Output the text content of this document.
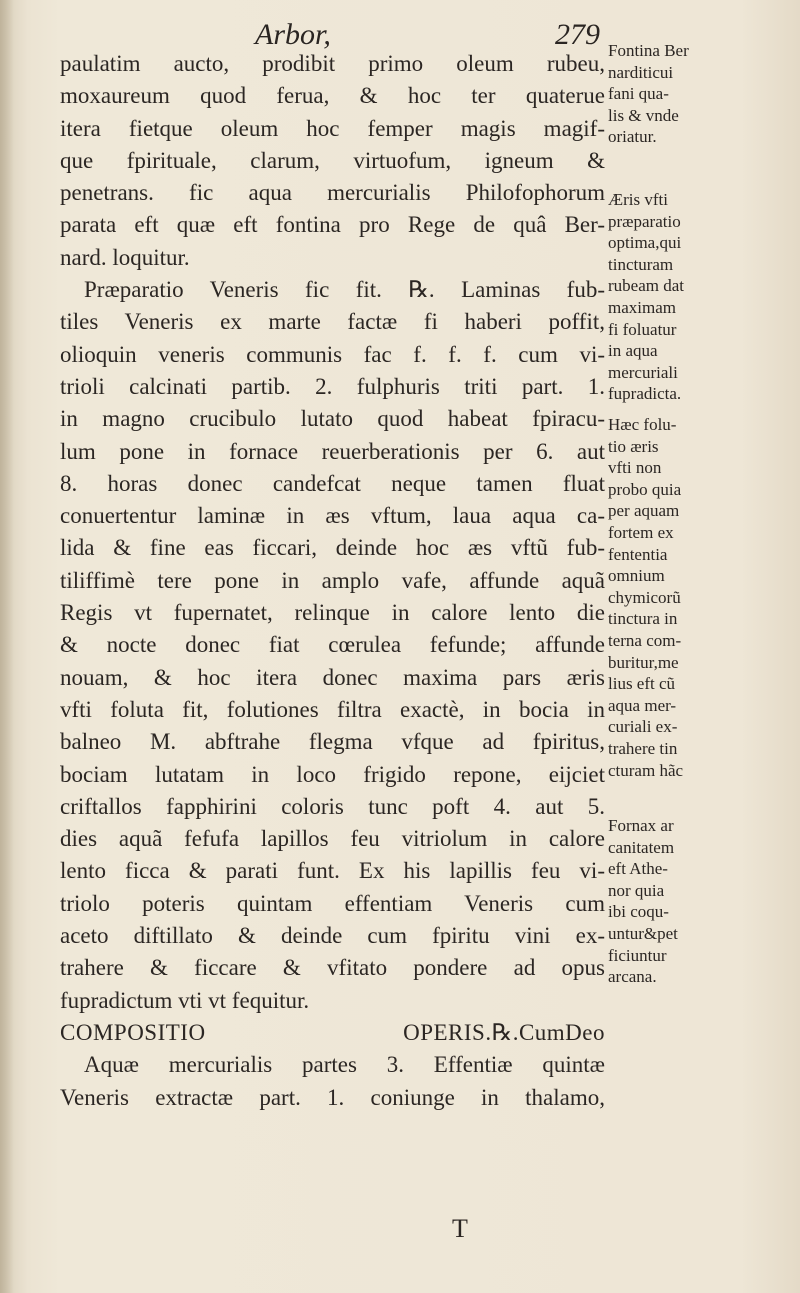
Arbor,	279
paulatim aucto, prodibit primo oleum rubeu,
moxaureum quod ferua, & hoc ter quaterue
itera fietque oleum hoc femper magis magif-
que fpirituale, clarum, virtuofum, igneum &
penetrans. fic aqua mercurialis Philofophorum
parata eft quæ eft fontina pro Rege de quâ Ber-
nard. loquitur.
Præparatio Veneris fic fit. ℞. Laminas fub-
tiles Veneris ex marte factæ fi haberi poffit,
olioquin veneris communis fac f. f. f. cum vi-
trioli calcinati partib. 2. fulphuris triti part. 1.
in magno crucibulo lutato quod habeat fpiracu-
lum pone in fornace reuerberationis per 6. aut
8. horas donec candefcat neque tamen fluat
conuertentur laminæ in æs vftum, laua aqua ca-
lida & fine eas ficcari, deinde hoc æs vftũ fub-
tiliffimè tere pone in amplo vafe, affunde aquã
Regis vt fupernatet, relinque in calore lento die
& nocte donec fiat cœrulea fefunde; affunde
nouam, & hoc itera donec maxima pars æris
vfti foluta fit, folutiones filtra exactè, in bocia in
balneo M. abftrahe flegma vfque ad fpiritus,
bociam lutatam in loco frigido repone, eijciet
criftallos fapphirini coloris tunc poft 4. aut 5.
dies aquã fefufa lapillos feu vitriolum in calore
lento ficca & parati funt. Ex his lapillis feu vi-
triolo poteris quintam effentiam Veneris cum
aceto diftillato & deinde cum fpiritu vini ex-
trahere & ficcare & vfitato pondere ad opus
fupradictum vti vt fequitur.
COMPOSITIO OPERIS.℞.CumDeo
Aquæ mercurialis partes 3. Effentiæ quintæ
Veneris extractæ part. 1. coniunge in thalamo,
T
Fontina Ber
narditicui
fani qua-
lis & vnde
oriatur.
Æris vfti
præparatio
optima,qui
tincturam
rubeam dat
maximam
fi foluatur
in aqua
mercuriali
fupradicta.
Hæc folu-
tio æris
vfti non
probo quia
per aquam
fortem ex
fententia
omnium
chymicorũ
tinctura in
terna com-
buritur,me
lius eft cũ
aqua mer-
curiali ex-
trahere tin
cturam hãc
Fornax ar
canitatem
eft Athe-
nor quia
ibi coqu-
untur&pet
ficiuntur
arcana.
